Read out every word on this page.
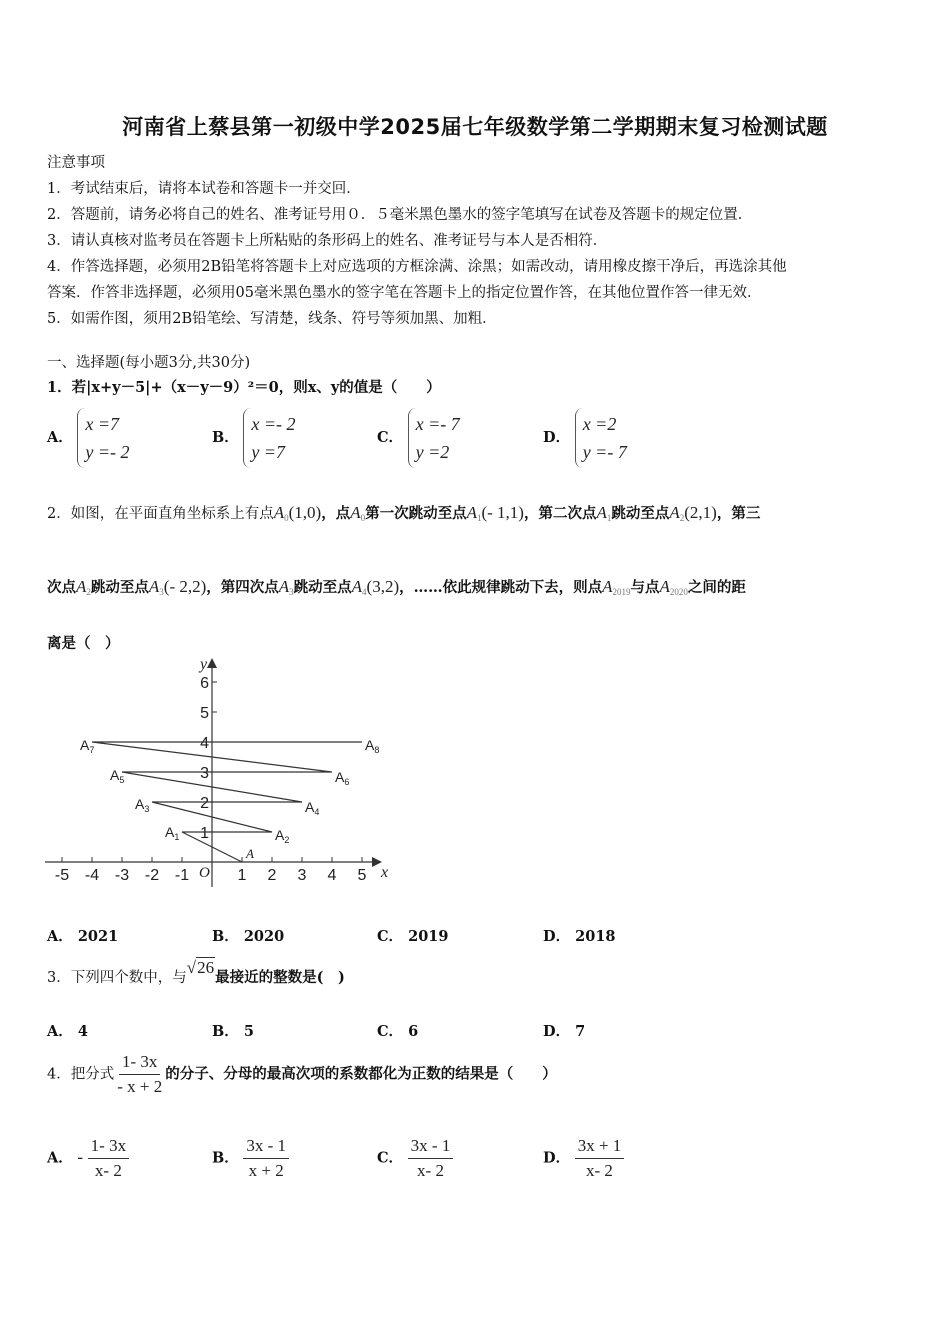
河南省上蔡县第一初级中学2025届七年级数学第二学期期末复习检测试题
注意事项
1．考试结束后，请将本试卷和答题卡一并交回．
2．答题前，请务必将自己的姓名、准考证号用０．５毫米黑色墨水的签字笔填写在试卷及答题卡的规定位置．
3．请认真核对监考员在答题卡上所粘贴的条形码上的姓名、准考证号与本人是否相符．
4．作答选择题，必须用2B铅笔将答题卡上对应选项的方框涂满、涂黑；如需改动，请用橡皮擦干净后，再选涂其他
答案．作答非选择题，必须用05毫米黑色墨水的签字笔在答题卡上的指定位置作答，在其他位置作答一律无效．
5．如需作图，须用2B铅笔绘、写清楚，线条、符号等须加黑、加粗．
一、选择题(每小题3分,共30分)
1．若|x+y－5|+（x－y－9）²＝0，则x、y的值是（　　）
A．
x =7
y =- 2
B．
x =- 2
y =7
C．
x =- 7
y =2
D．
x =2
y =- 7
2．如图，在平面直角坐标系上有点$A_0(1,0)$，点$A_0$第一次跳动至点$A_1(-$ 1,1)，第二次点$A_1$跳动至点$A_2(2,1)$，第三
次点$A_2$跳动至点$A_3(-$ 2,2)，第四次点$A_3$跳动至点$A_4(3,2)$，……依此规律跳动下去，则点$A_{2019}$与点$A_{2020}$之间的距
离是（　）
y
x
O
-5 -4 -3 -2 -1	1 2 3 4 5
1
2
3
4
5
6
A
$A_1$	$A_2$
$A_3$	$A_4$
$A_5$	$A_6$
$A_7$	$A_8$
A． 2021	B． 2020	C． 2019	D． 2018
3．下列四个数中，与√26最接近的整数是(　)
A． 4	B． 5	C． 6	D． 7
4．把分式 $\frac{1- 3x}{- x + 2}$ 的分子、分母的最高次项的系数都化为正数的结果是（　　）
A． - $\frac{1- 3x}{x- 2}$	B． $\frac{3x - 1}{x + 2}$	C． $\frac{3x - 1}{x- 2}$	D． $\frac{3x + 1}{x- 2}$
